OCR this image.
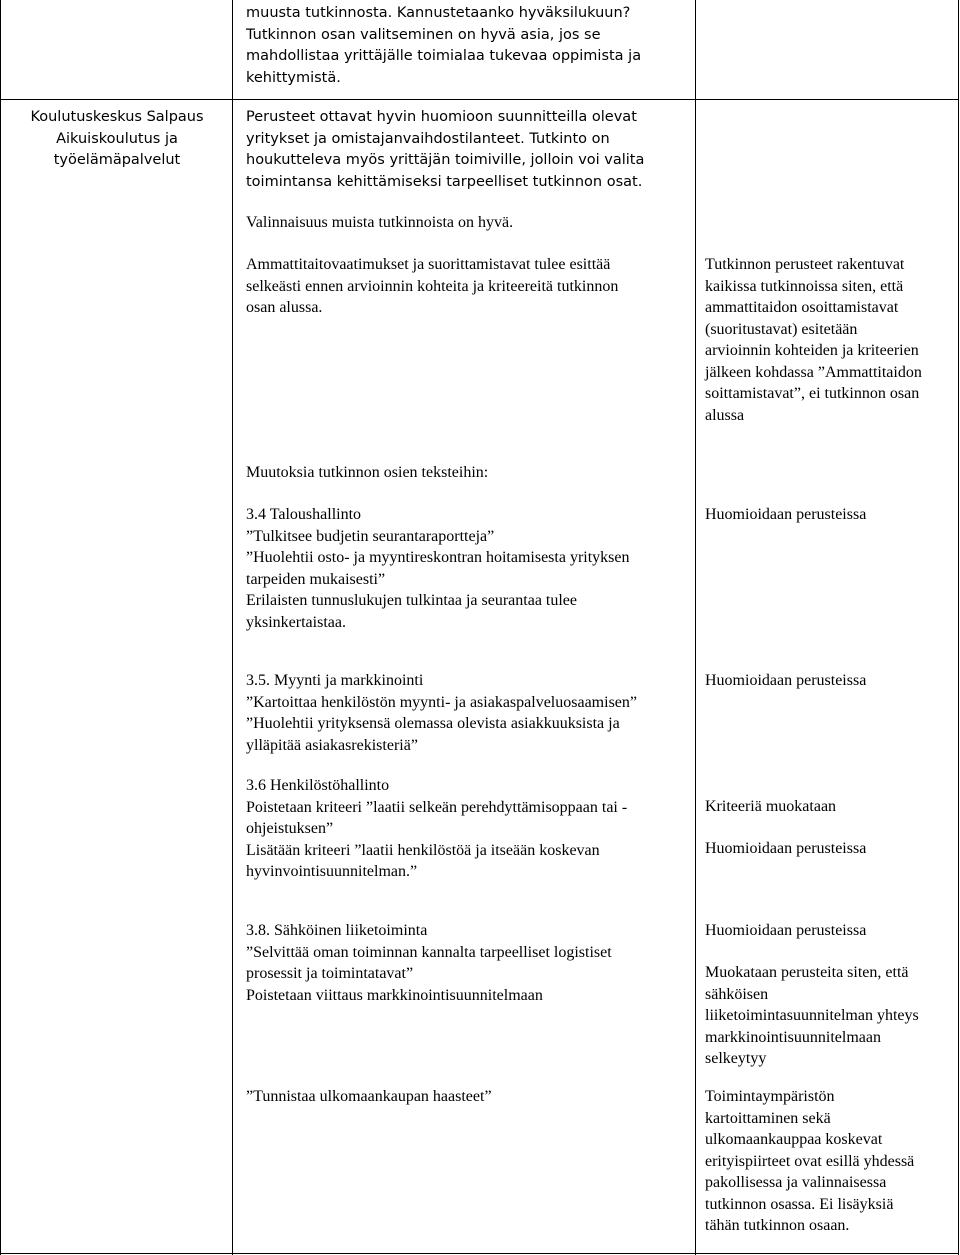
Koulutuskeskus Salpaus
Aikuiskoulutus ja
työelämäpalvelut
muusta tutkinnosta. Kannustetaanko hyväksilukuun?
Tutkinnon osan valitseminen on hyvä asia, jos se
mahdollistaa yrittäjälle toimialaa tukevaa oppimista ja
kehittymistä.
Perusteet ottavat hyvin huomioon suunnitteilla olevat
yritykset ja omistajanvaihdostilanteet. Tutkinto on
houkutteleva myös yrittäjän toimiville, jolloin voi valita
toimintansa kehittämiseksi tarpeelliset tutkinnon osat.
Valinnaisuus muista tutkinnoista on hyvä.
Ammattitaitovaatimukset ja suorittamistavat tulee esittää
selkeästi ennen arvioinnin kohteita ja kriteereitä tutkinnon
osan alussa.
Muutoksia tutkinnon osien teksteihin:
3.4 Taloushallinto
”Tulkitsee budjetin seurantaraportteja”
”Huolehtii osto- ja myyntireskontran hoitamisesta yrityksen
tarpeiden mukaisesti”
Erilaisten tunnuslukujen tulkintaa ja seurantaa tulee
yksinkertaistaa.
3.5. Myynti ja markkinointi
”Kartoittaa henkilöstön myynti- ja asiakaspalveluosaamisen”
”Huolehtii yrityksensä olemassa olevista asiakkuuksista ja
ylläpitää asiakasrekisteriä”
3.6 Henkilöstöhallinto
Poistetaan kriteeri ”laatii selkeän perehdyttämisoppaan tai -
ohjeistuksen”
Lisätään kriteeri ”laatii henkilöstöä ja itseään koskevan
hyvinvointisuunnitelman.”
3.8. Sähköinen liiketoiminta
”Selvittää oman toiminnan kannalta tarpeelliset logistiset
prosessit ja toimintatavat”
Poistetaan viittaus markkinointisuunnitelmaan
”Tunnistaa ulkomaankaupan haasteet”
Tutkinnon perusteet rakentuvat
kaikissa tutkinnoissa siten, että
ammattitaidon osoittamistavat
(suoritustavat) esitetään
arvioinnin kohteiden ja kriteerien
jälkeen kohdassa ”Ammattitaidon
soittamistavat”, ei tutkinnon osan
alussa
Huomioidaan perusteissa
Huomioidaan perusteissa
Kriteeriä muokataan
Huomioidaan perusteissa
Huomioidaan perusteissa
Muokataan perusteita siten, että
sähköisen
liiketoimintasuunnitelman yhteys
markkinointisuunnitelmaan
selkeytyy
Toimintaympäristön
kartoittaminen sekä
ulkomaankauppaa koskevat
erityispiirteet ovat esillä yhdessä
pakollisessa ja valinnaisessa
tutkinnon osassa. Ei lisäyksiä
tähän tutkinnon osaan.
